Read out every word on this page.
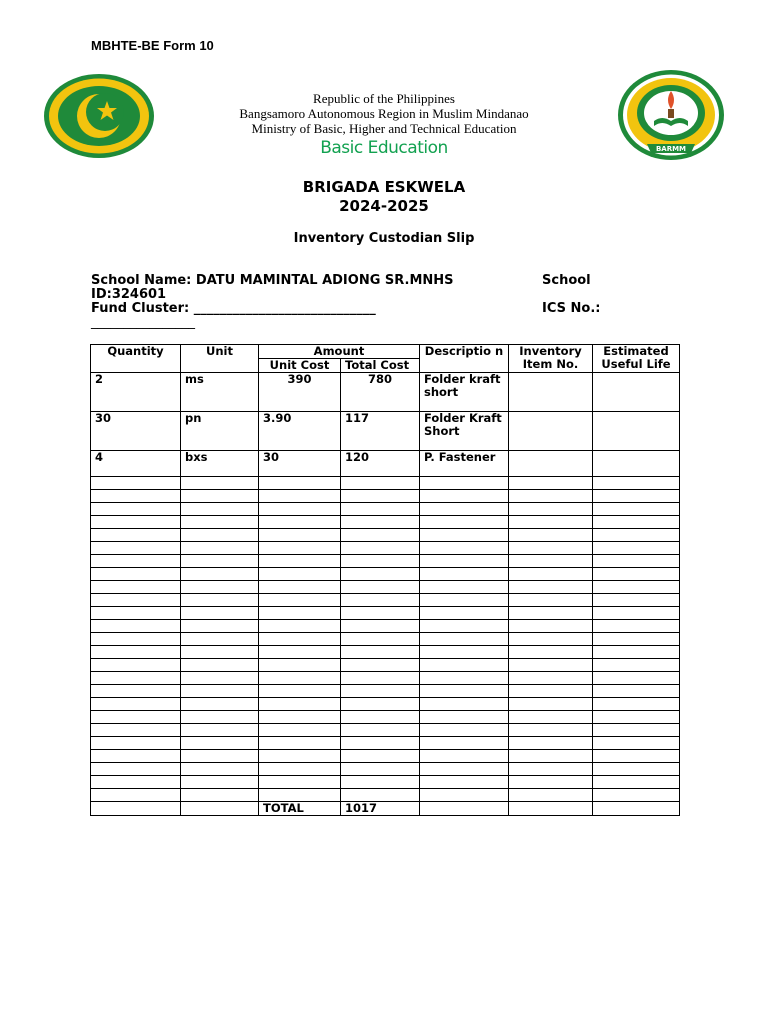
MBHTE-BE Form 10
Republic of the Philippines
Bangsamoro Autonomous Region in Muslim Mindanao
Ministry of Basic, Higher and Technical Education
Basic Education	BARMM
BRIGADA ESKWELA
2024-2025
Inventory Custodian Slip
School Name: DATU MAMINTAL ADIONG SR.MNHS	School
ID:324601
Fund Cluster: ____________________________	ICS No.:
________________
Quantity	Unit	Amount		Descriptio n	Inventory Item No.	Estimated Useful Life
		Unit Cost	Total Cost			
2	ms	390	780	Folder kraft short		
30	pn	3.90	117	Folder Kraft Short		
4	bxs	30	120	P. Fastener		

		TOTAL	1017			
